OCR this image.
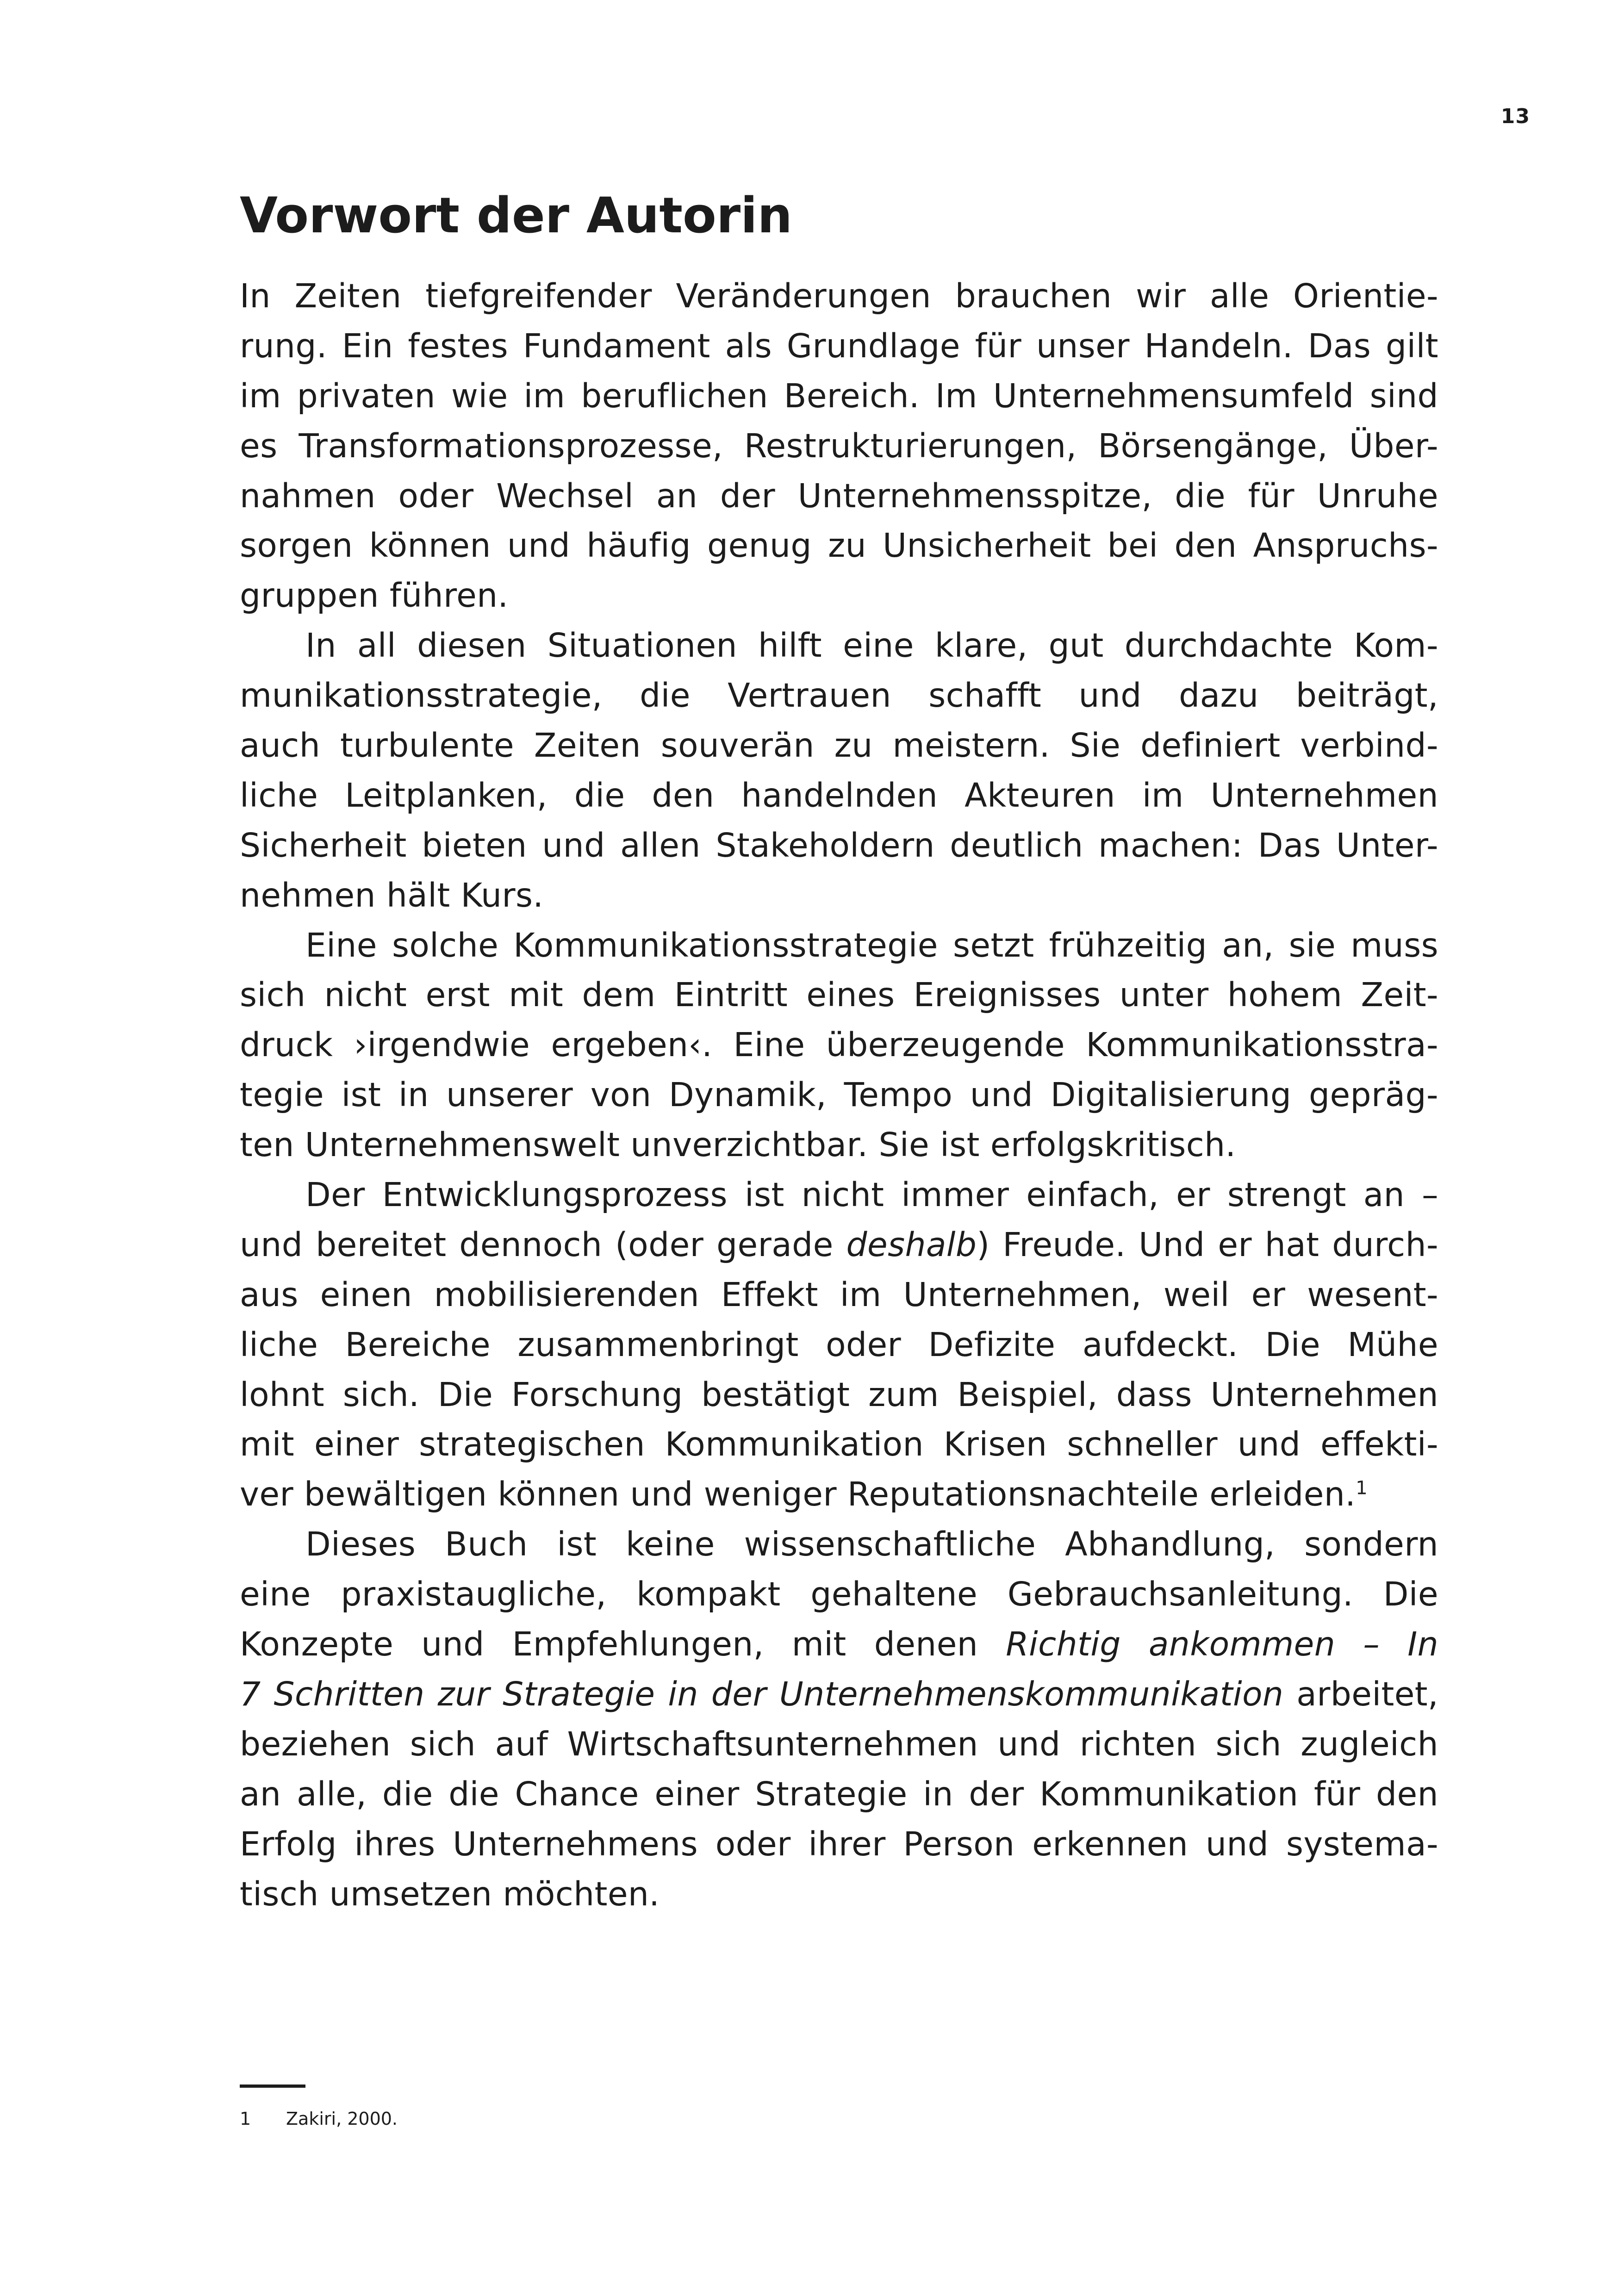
13
Vorwort der Autorin
In Zeiten tiefgreifender Veränderungen brauchen wir alle Orientie-
rung. Ein festes Fundament als Grundlage für unser Handeln. Das gilt
im privaten wie im beruflichen Bereich. Im Unternehmensumfeld sind
es Transformationsprozesse, Restrukturierungen, Börsengänge, Über-
nahmen oder Wechsel an der Unternehmensspitze, die für Unruhe
sorgen können und häufig genug zu Unsicherheit bei den Anspruchs-
gruppen führen.
In all diesen Situationen hilft eine klare, gut durchdachte Kom-
munikationsstrategie, die Vertrauen schafft und dazu beiträgt,
auch turbulente Zeiten souverän zu meistern. Sie definiert verbind-
liche Leitplanken, die den handelnden Akteuren im Unternehmen
Sicherheit bieten und allen Stakeholdern deutlich machen: Das Unter-
nehmen hält Kurs.
Eine solche Kommunikationsstrategie setzt frühzeitig an, sie muss
sich nicht erst mit dem Eintritt eines Ereignisses unter hohem Zeit-
druck ›irgendwie ergeben‹. Eine überzeugende Kommunikationsstra-
tegie ist in unserer von Dynamik, Tempo und Digitalisierung gepräg-
ten Unternehmenswelt unverzichtbar. Sie ist erfolgskritisch.
Der Entwicklungsprozess ist nicht immer einfach, er strengt an –
und bereitet dennoch (oder gerade deshalb) Freude. Und er hat durch-
aus einen mobilisierenden Effekt im Unternehmen, weil er wesent-
liche Bereiche zusammenbringt oder Defizite aufdeckt. Die Mühe
lohnt sich. Die Forschung bestätigt zum Beispiel, dass Unternehmen
mit einer strategischen Kommunikation Krisen schneller und effekti-
ver bewältigen können und weniger Reputationsnachteile erleiden.$^1$
Dieses Buch ist keine wissenschaftliche Abhandlung, sondern
eine praxistaugliche, kompakt gehaltene Gebrauchsanleitung. Die
Konzepte und Empfehlungen, mit denen Richtig ankommen – In
7 Schritten zur Strategie in der Unternehmenskommunikation arbeitet,
beziehen sich auf Wirtschaftsunternehmen und richten sich zugleich
an alle, die die Chance einer Strategie in der Kommunikation für den
Erfolg ihres Unternehmens oder ihrer Person erkennen und systema-
tisch umsetzen möchten.
1 Zakiri, 2000.
